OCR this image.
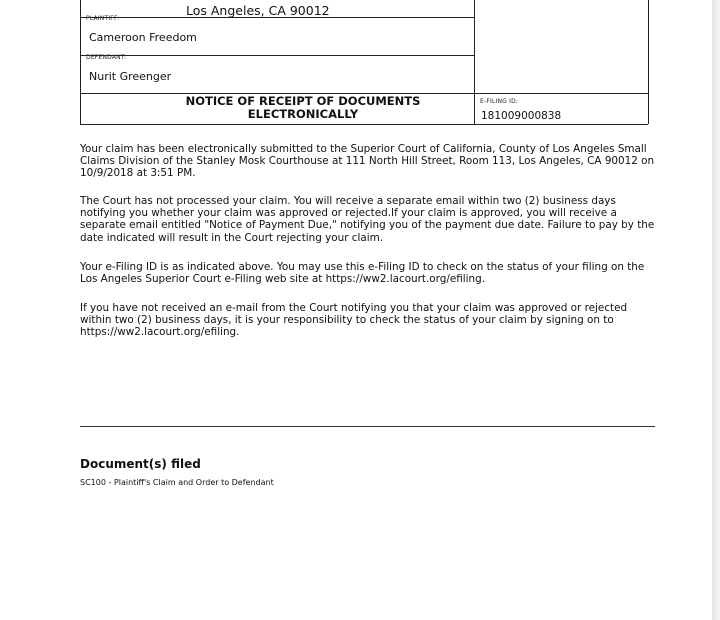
Los Angeles, CA 90012
PLAINTIFF:
Cameroon Freedom
DEFENDANT:
Nurit Greenger
NOTICE OF RECEIPT OF DOCUMENTS
ELECTRONICALLY
E-FILING ID:
181009000838
Your claim has been electronically submitted to the Superior Court of California, County of Los Angeles Small Claims Division of the Stanley Mosk Courthouse at 111 North Hill Street, Room 113, Los Angeles, CA 90012 on 10/9/2018 at 3:51 PM.
The Court has not processed your claim. You will receive a separate email within two (2) business days notifying you whether your claim was approved or rejected.If your claim is approved, you will receive a separate email entitled "Notice of Payment Due," notifying you of the payment due date. Failure to pay by the date indicated will result in the Court rejecting your claim.
Your e-Filing ID is as indicated above. You may use this e-Filing ID to check on the status of your filing on the Los Angeles Superior Court e-Filing web site at https://ww2.lacourt.org/efiling.
If you have not received an e-mail from the Court notifying you that your claim was approved or rejected within two (2) business days, it is your responsibility to check the status of your claim by signing on to https://ww2.lacourt.org/efiling.
Document(s) filed
SC100 - Plaintiff's Claim and Order to Defendant
